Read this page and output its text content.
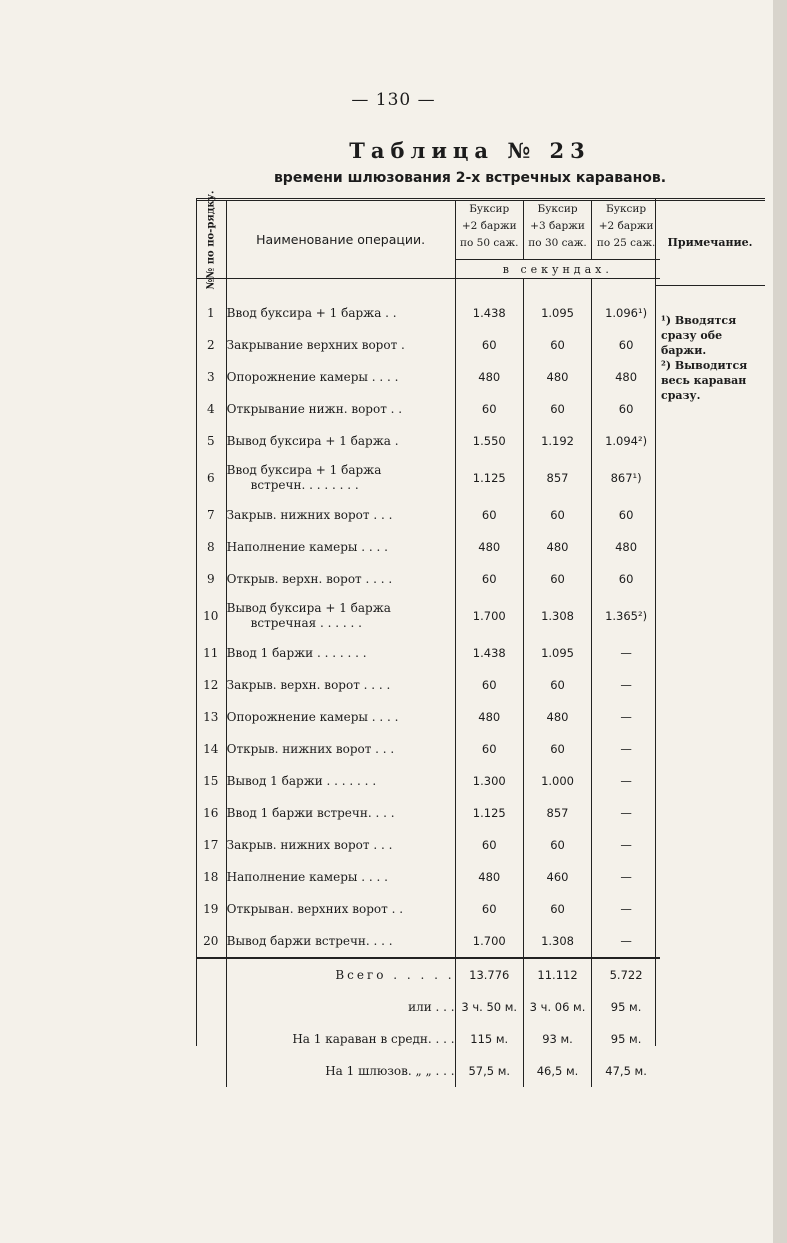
— 130 —
Таблица № 23
времени шлюзования 2-х встречных караванов.
№№ по по-рядку.	Наименование операции.	Буксир
+2 баржи
по 50 саж.	Буксир
+3 баржи
по 30 саж.	Буксир
+2 баржи
по 25 саж.
		в секундах.		

1	Ввод буксира + 1 баржа . .	1.438	1.095	1.096¹)
2	Закрывание верхних ворот .	60	60	60
3	Опорожнение камеры . . . .	480	480	480
4	Открывание нижн. ворот . .	60	60	60
5	Вывод буксира + 1 баржа .	1.550	1.192	1.094²)
6	Ввод буксира + 1 баржа
встречн. . . . . . . .	1.125	857	867¹)
7	Закрыв. нижних ворот . . .	60	60	60
8	Наполнение камеры . . . .	480	480	480
9	Открыв. верхн. ворот . . . .	60	60	60
10	Вывод буксира + 1 баржа
встречная . . . . . .	1.700	1.308	1.365²)
11	Ввод 1 баржи . . . . . . .	1.438	1.095	—
12	Закрыв. верхн. ворот . . . .	60	60	—
13	Опорожнение камеры . . . .	480	480	—
14	Открыв. нижних ворот . . .	60	60	—
15	Вывод 1 баржи . . . . . . .	1.300	1.000	—
16	Ввод 1 баржи встречн. . . .	1.125	857	—
17	Закрыв. нижних ворот . . .	60	60	—
18	Наполнение камеры . . . .	480	460	—
19	Открыван. верхних ворот . .	60	60	—
20	Вывод баржи встречн. . . .	1.700	1.308	—
	Всего . . . . .	13.776	11.112	5.722
	или . . .	3 ч. 50 м.	3 ч. 06 м.	95 м.
	На 1 караван в средн. . . .	115 м.	93 м.	95 м.
	На 1 шлюзов. „ „ . . .	57,5 м.	46,5 м.	47,5 м.
Примечание.

¹) Вводятся сразу обе баржи.

²) Выводится весь караван сразу.
